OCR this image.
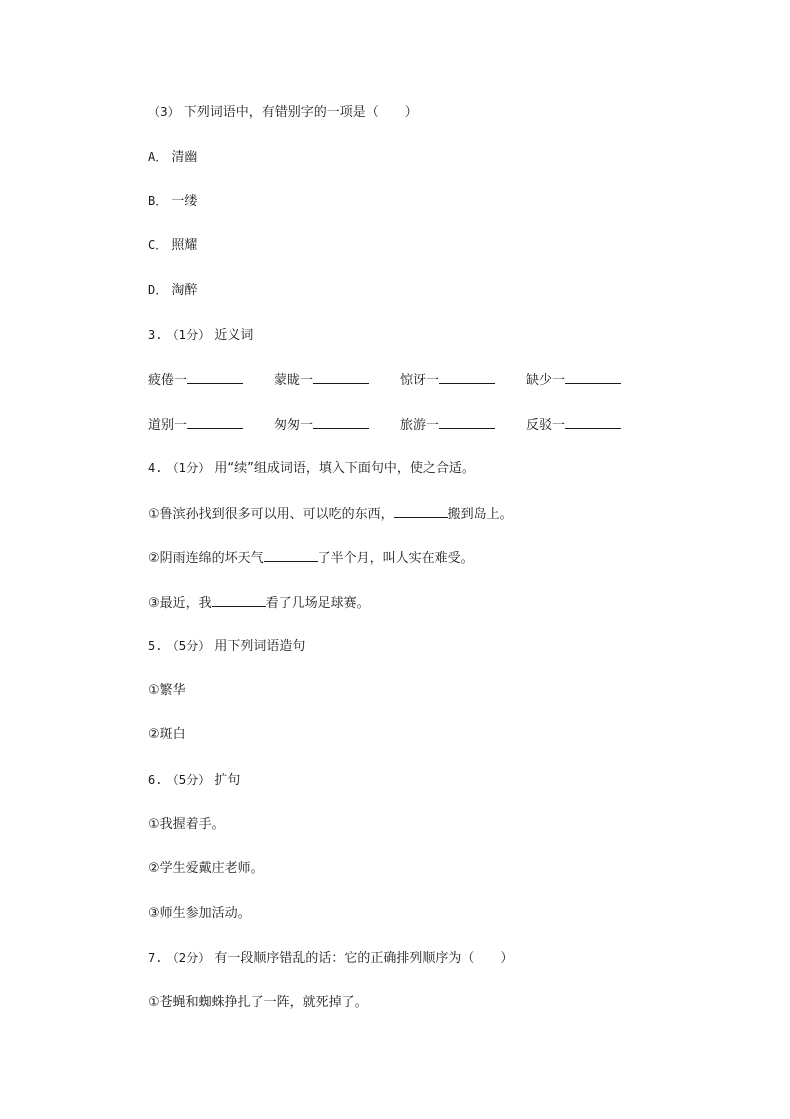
（3） 下列词语中，有错别字的一项是（　　）
A． 清幽
B． 一缕
C． 照耀
D． 淘醉
3. （1分） 近义词
疲倦一	蒙眬一	惊讶一	缺少一
道别一	匆匆一	旅游一	反驳一
4. （1分） 用“续”组成词语，填入下面句中，使之合适。
①鲁滨孙找到很多可以用、可以吃的东西，	搬到岛上。
②阴雨连绵的坏天气	了半个月，叫人实在难受。
③最近，我	看了几场足球赛。
5. （5分） 用下列词语造句
①繁华
②斑白
6. （5分） 扩句
①我握着手。
②学生爱戴庄老师。
③师生参加活动。
7. （2分） 有一段顺序错乱的话：它的正确排列顺序为（　　）
①苍蝇和蜘蛛挣扎了一阵，就死掉了。
